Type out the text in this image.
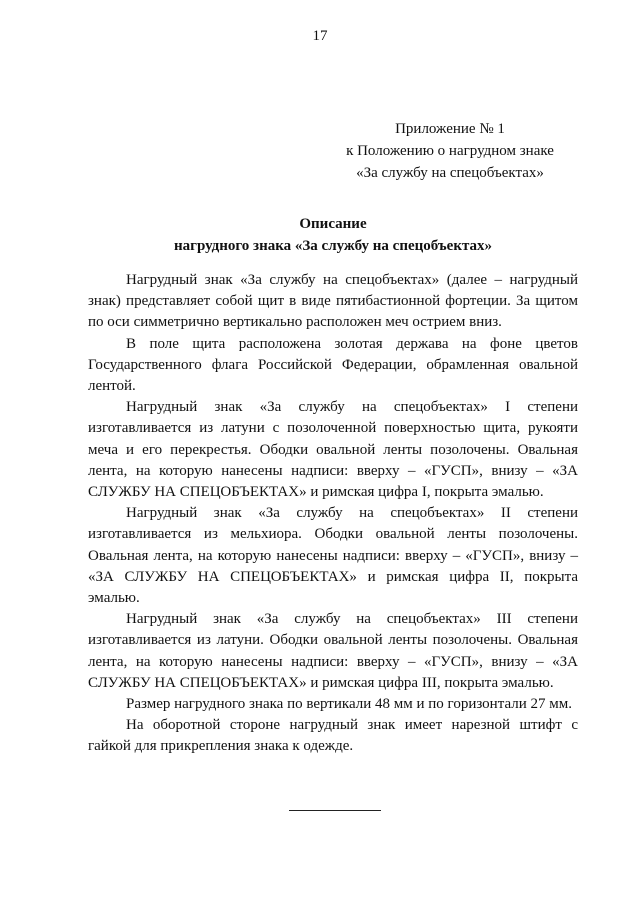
17
Приложение № 1
к Положению о нагрудном знаке
«За службу на спецобъектах»
Описание
нагрудного знака «За службу на спецобъектах»

Нагрудный знак «За службу на спецобъектах» (далее – нагрудный знак) представляет собой щит в виде пятибастионной фортеции. За щитом по оси симметрично вертикально расположен меч острием вниз.

В поле щита расположена золотая держава на фоне цветов Государственного флага Российской Федерации, обрамленная овальной лентой.

Нагрудный знак «За службу на спецобъектах» I степени изготавливается из латуни с позолоченной поверхностью щита, рукояти меча и его перекрестья. Ободки овальной ленты позолочены. Овальная лента, на которую нанесены надписи: вверху – «ГУСП», внизу – «ЗА СЛУЖБУ НА СПЕЦОБЪЕКТАХ» и римская цифра I, покрыта эмалью.

Нагрудный знак «За службу на спецобъектах» II степени изготавливается из мельхиора. Ободки овальной ленты позолочены. Овальная лента, на которую нанесены надписи: вверху – «ГУСП», внизу – «ЗА СЛУЖБУ НА СПЕЦОБЪЕКТАХ» и римская цифра II, покрыта эмалью.

Нагрудный знак «За службу на спецобъектах» III степени изготавливается из латуни. Ободки овальной ленты позолочены. Овальная лента, на которую нанесены надписи: вверху – «ГУСП», внизу – «ЗА СЛУЖБУ НА СПЕЦОБЪЕКТАХ» и римская цифра III, покрыта эмалью.

Размер нагрудного знака по вертикали 48 мм и по горизонтали 27 мм.

На оборотной стороне нагрудный знак имеет нарезной штифт с гайкой для прикрепления знака к одежде.
